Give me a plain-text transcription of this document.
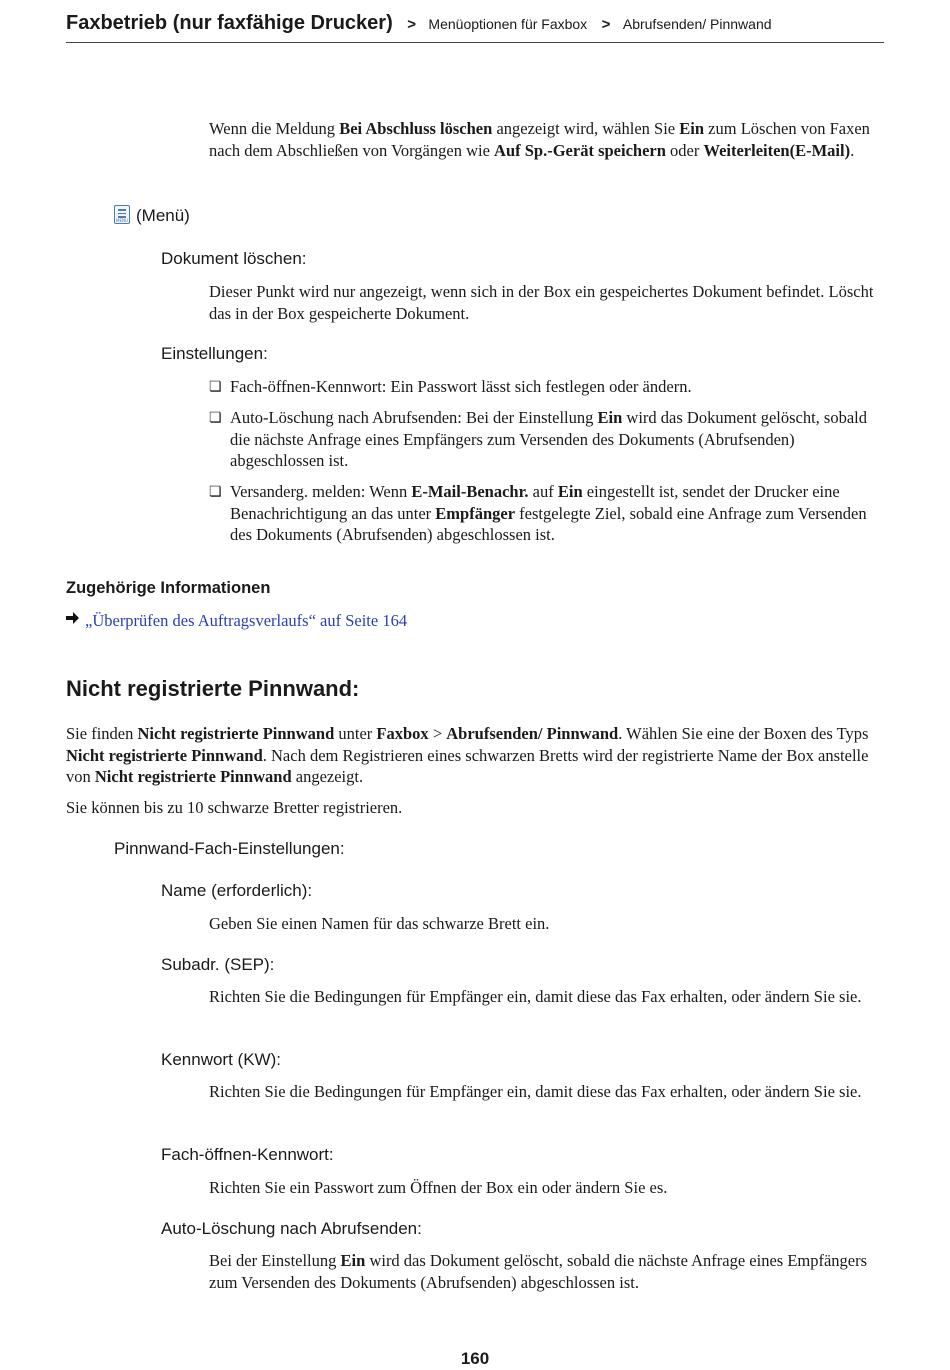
Faxbetrieb (nur faxfähige Drucker) > Menüoptionen für Faxbox > Abrufsenden/ Pinnwand
Wenn die Meldung Bei Abschluss löschen angezeigt wird, wählen Sie Ein zum Löschen von Faxen nach dem Abschließen von Vorgängen wie Auf Sp.-Gerät speichern oder Weiterleiten(E-Mail).
MENU (Menü)
Dokument löschen:
Dieser Punkt wird nur angezeigt, wenn sich in der Box ein gespeichertes Dokument befindet. Löscht das in der Box gespeicherte Dokument.
Einstellungen:
❏ Fach-öffnen-Kennwort: Ein Passwort lässt sich festlegen oder ändern.
❏ Auto-Löschung nach Abrufsenden: Bei der Einstellung Ein wird das Dokument gelöscht, sobald die nächste Anfrage eines Empfängers zum Versenden des Dokuments (Abrufsenden) abgeschlossen ist.
❏ Versanderg. melden: Wenn E-Mail-Benachr. auf Ein eingestellt ist, sendet der Drucker eine Benachrichtigung an das unter Empfänger festgelegte Ziel, sobald eine Anfrage zum Versenden des Dokuments (Abrufsenden) abgeschlossen ist.
Zugehörige Informationen
„Überprüfen des Auftragsverlaufs“ auf Seite 164
Nicht registrierte Pinnwand:
Sie finden Nicht registrierte Pinnwand unter Faxbox > Abrufsenden/ Pinnwand. Wählen Sie eine der Boxen des Typs Nicht registrierte Pinnwand. Nach dem Registrieren eines schwarzen Bretts wird der registrierte Name der Box anstelle von Nicht registrierte Pinnwand angezeigt.
Sie können bis zu 10 schwarze Bretter registrieren.
Pinnwand-Fach-Einstellungen:
Name (erforderlich):
Geben Sie einen Namen für das schwarze Brett ein.
Subadr. (SEP):
Richten Sie die Bedingungen für Empfänger ein, damit diese das Fax erhalten, oder ändern Sie sie.
Kennwort (KW):
Richten Sie die Bedingungen für Empfänger ein, damit diese das Fax erhalten, oder ändern Sie sie.
Fach-öffnen-Kennwort:
Richten Sie ein Passwort zum Öffnen der Box ein oder ändern Sie es.
Auto-Löschung nach Abrufsenden:
Bei der Einstellung Ein wird das Dokument gelöscht, sobald die nächste Anfrage eines Empfängers zum Versenden des Dokuments (Abrufsenden) abgeschlossen ist.
160
